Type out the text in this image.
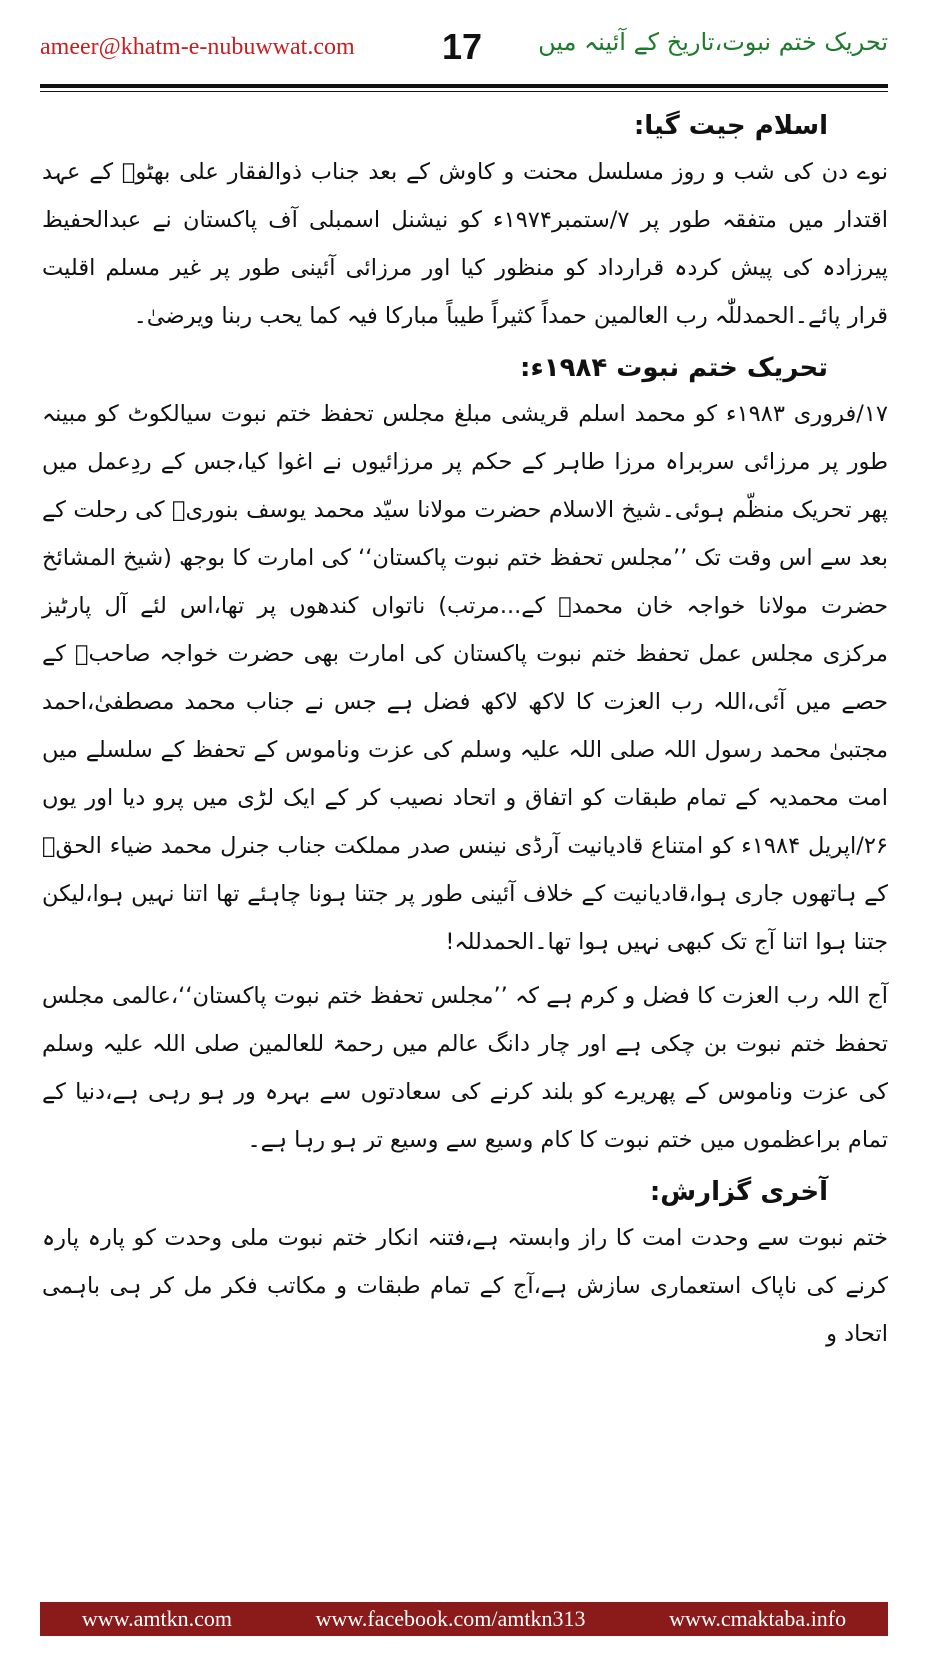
ameer@khatm-e-nubuwwat.com 17 تحریک ختم نبوت،تاریخ کے آئینہ میں

اسلام جیت گیا:

نوے دن کی شب و روز مسلسل محنت و کاوش کے بعد جناب ذوالفقار علی بھٹوؒ کے عہد اقتدار میں متفقہ طور پر ۷/ستمبر۱۹۷۴ء کو نیشنل اسمبلی آف پاکستان نے عبدالحفیظ پیرزادہ کی پیش کردہ قرارداد کو منظور کیا اور مرزائی آئینی طور پر غیر مسلم اقلیت قرار پائے۔الحمدللّٰہ رب العالمین حمداً کثیراً طیباً مبارکا فیہ کما یحب ربنا ویرضیٰ۔

تحریک ختم نبوت ۱۹۸۴ء:

۱۷/فروری ۱۹۸۳ء کو محمد اسلم قریشی مبلغ مجلس تحفظ ختم نبوت سیالکوٹ کو مبینہ طور پر مرزائی سربراہ مرزا طاہر کے حکم پر مرزائیوں نے اغوا کیا،جس کے ردِعمل میں پھر تحریک منظّم ہوئی۔شیخ الاسلام حضرت مولانا سیّد محمد یوسف بنوریؒ کی رحلت کے بعد سے اس وقت تک ’’مجلس تحفظ ختم نبوت پاکستان‘‘ کی امارت کا بوجھ (شیخ المشائخ حضرت مولانا خواجہ خان محمدؒ کے...مرتب) ناتواں کندھوں پر تھا،اس لئے آل پارٹیز مرکزی مجلس عمل تحفظ ختم نبوت پاکستان کی امارت بھی حضرت خواجہ صاحبؒ کے حصے میں آئی،اللہ رب العزت کا لاکھ لاکھ فضل ہے جس نے جناب محمد مصطفیٰ،احمد مجتبیٰ محمد رسول اللہ صلی اللہ علیہ وسلم کی عزت وناموس کے تحفظ کے سلسلے میں امت محمدیہ کے تمام طبقات کو اتفاق و اتحاد نصیب کر کے ایک لڑی میں پرو دیا اور یوں ۲۶/اپریل ۱۹۸۴ء کو امتناع قادیانیت آرڈی نینس صدر مملکت جناب جنرل محمد ضیاء الحقؒ کے ہاتھوں جاری ہوا،قادیانیت کے خلاف آئینی طور پر جتنا ہونا چاہئے تھا اتنا نہیں ہوا،لیکن جتنا ہوا اتنا آج تک کبھی نہیں ہوا تھا۔الحمدللہ!

آج اللہ رب العزت کا فضل و کرم ہے کہ ’’مجلس تحفظ ختم نبوت پاکستان‘‘،عالمی مجلس تحفظ ختم نبوت بن چکی ہے اور چار دانگ عالم میں رحمۃ للعالمین صلی اللہ علیہ وسلم کی عزت وناموس کے پھریرے کو بلند کرنے کی سعادتوں سے بہرہ ور ہو رہی ہے،دنیا کے تمام براعظموں میں ختم نبوت کا کام وسیع سے وسیع تر ہو رہا ہے۔

آخری گزارش:

ختم نبوت سے وحدت امت کا راز وابستہ ہے،فتنہ انکار ختم نبوت ملی وحدت کو پارہ پارہ کرنے کی ناپاک استعماری سازش ہے،آج کے تمام طبقات و مکاتب فکر مل کر ہی باہمی اتحاد و

www.amtkn.com	www.facebook.com/amtkn313	www.cmaktaba.info
